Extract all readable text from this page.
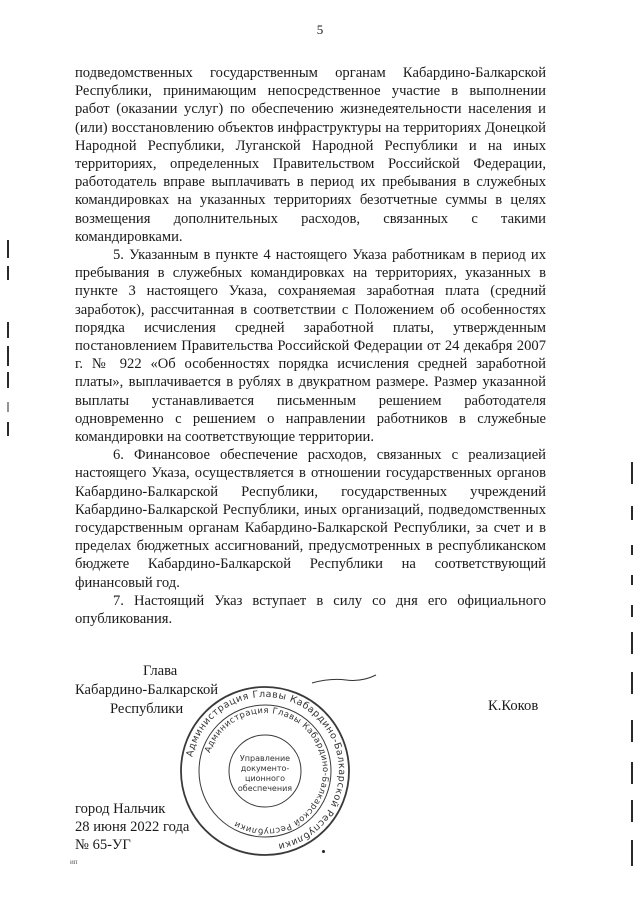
5

подведомственных государственным органам Кабардино-Балкарской Республики, принимающим непосредственное участие в выполнении работ (оказании услуг) по обеспечению жизнедеятельности населения и (или) восстановлению объектов инфраструктуры на территориях Донецкой Народной Республики, Луганской Народной Республики и на иных территориях, определенных Правительством Российской Федерации, работодатель вправе выплачивать в период их пребывания в служебных командировках на указанных территориях безотчетные суммы в целях возмещения дополнительных расходов, связанных с такими командировками.

5. Указанным в пункте 4 настоящего Указа работникам в период их пребывания в служебных командировках на территориях, указанных в пункте 3 настоящего Указа, сохраняемая заработная плата (средний заработок), рассчитанная в соответствии с Положением об особенностях порядка исчисления средней заработной платы, утвержденным постановлением Правительства Российской Федерации от 24 декабря 2007 г. № 922 «Об особенностях порядка исчисления средней заработной платы», выплачивается в рублях в двукратном размере. Размер указанной выплаты устанавливается письменным решением работодателя одновременно с решением о направлении работников в служебные командировки на соответствующие территории.

6. Финансовое обеспечение расходов, связанных с реализацией настоящего Указа, осуществляется в отношении государственных органов Кабардино-Балкарской Республики, государственных учреждений Кабардино-Балкарской Республики, иных организаций, подведомственных государственным органам Кабардино-Балкарской Республики, за счет и в пределах бюджетных ассигнований, предусмотренных в республиканском бюджете Кабардино-Балкарской Республики на соответствующий финансовый год.

7. Настоящий Указ вступает в силу со дня его официального опубликования.

Глава
Кабардино-Балкарской
Республики
Администрация Главы Кабардино-Балкарской Республики
Администрация Главы Кабардино-Балкарской Республики
Управление
документо-
ционного
обеспечения
К.Коков
город Нальчик
28 июня 2022 года
№ 65-УГ
ип
